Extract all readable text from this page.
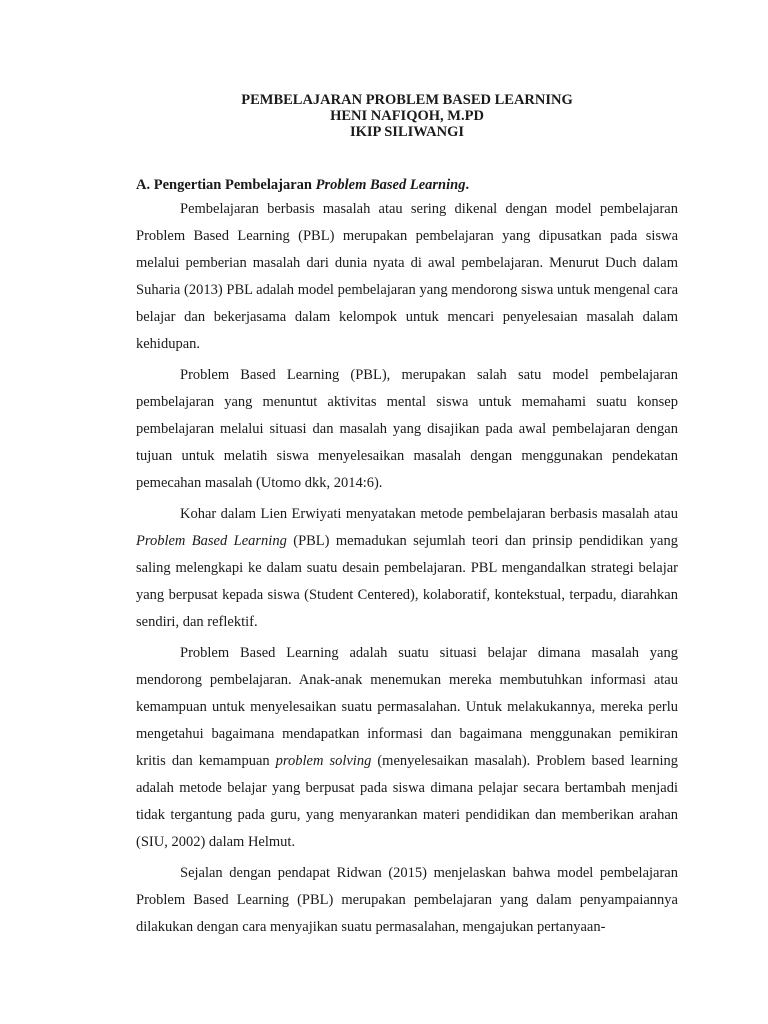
PEMBELAJARAN PROBLEM BASED LEARNING
HENI NAFIQOH, M.PD
IKIP SILIWANGI
A. Pengertian Pembelajaran Problem Based Learning.

Pembelajaran berbasis masalah atau sering dikenal dengan model pembelajaran Problem Based Learning (PBL) merupakan pembelajaran yang dipusatkan pada siswa melalui pemberian masalah dari dunia nyata di awal pembelajaran. Menurut Duch dalam Suharia (2013) PBL adalah model pembelajaran yang mendorong siswa untuk mengenal cara belajar dan bekerjasama dalam kelompok untuk mencari penyelesaian masalah dalam kehidupan.

Problem Based Learning (PBL), merupakan salah satu model pembelajaran pembelajaran yang menuntut aktivitas mental siswa untuk memahami suatu konsep pembelajaran melalui situasi dan masalah yang disajikan pada awal pembelajaran dengan tujuan untuk melatih siswa menyelesaikan masalah dengan menggunakan pendekatan pemecahan masalah (Utomo dkk, 2014:6).

Kohar dalam Lien Erwiyati menyatakan metode pembelajaran berbasis masalah atau Problem Based Learning (PBL) memadukan sejumlah teori dan prinsip pendidikan yang saling melengkapi ke dalam suatu desain pembelajaran. PBL mengandalkan strategi belajar yang berpusat kepada siswa (Student Centered), kolaboratif, kontekstual, terpadu, diarahkan sendiri, dan reflektif.

Problem Based Learning adalah suatu situasi belajar dimana masalah yang mendorong pembelajaran. Anak-anak menemukan mereka membutuhkan informasi atau kemampuan untuk menyelesaikan suatu permasalahan. Untuk melakukannya, mereka perlu mengetahui bagaimana mendapatkan informasi dan bagaimana menggunakan pemikiran kritis dan kemampuan problem solving (menyelesaikan masalah). Problem based learning adalah metode belajar yang berpusat pada siswa dimana pelajar secara bertambah menjadi tidak tergantung pada guru, yang menyarankan materi pendidikan dan memberikan arahan (SIU, 2002) dalam Helmut.

Sejalan dengan pendapat Ridwan (2015) menjelaskan bahwa model pembelajaran Problem Based Learning (PBL) merupakan pembelajaran yang dalam penyampaiannya dilakukan dengan cara menyajikan suatu permasalahan, mengajukan pertanyaan-
